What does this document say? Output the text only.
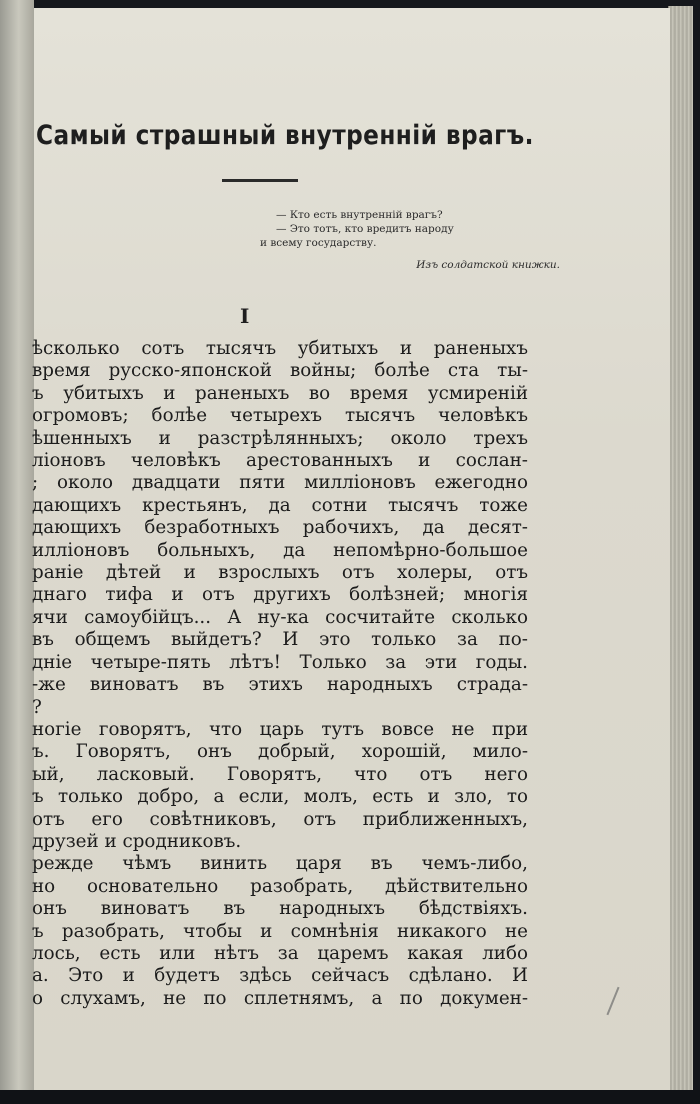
Самый страшный внутренній врагъ.
— Кто есть внутренній врагъ?
— Это тотъ, кто вредитъ народу
и всему государству.
Изъ солдатской книжки.
I
ѣсколько сотъ тысячъ убитыхъ и раненыхъ
время русско-японской войны; болѣе ста ты-
ъ убитыхъ и раненыхъ во время усмиреній
огромовъ; болѣе четырехъ тысячъ человѣкъ
ѣшенныхъ и разстрѣлянныхъ; около трехъ
ліоновъ человѣкъ арестованныхъ и сослан-
; около двадцати пяти милліоновъ ежегодно
дающихъ крестьянъ, да сотни тысячъ тоже
дающихъ безработныхъ рабочихъ, да десят-
илліоновъ больныхъ, да непомѣрно-большое
раніе дѣтей и взрослыхъ отъ холеры, отъ
днаго тифа и отъ другихъ болѣзней; многія
ячи самоубійцъ... А ну-ка сосчитайте сколько
въ общемъ выйдетъ? И это только за по-
дніе четыре-пять лѣтъ! Только за эти годы.
-же виноватъ въ этихъ народныхъ страда-
?
ногіе говорятъ, что царь тутъ вовсе не при
ъ. Говорятъ, онъ добрый, хорошій, мило-
ый, ласковый. Говорятъ, что отъ него
ъ только добро, а если, молъ, есть и зло, то
отъ его совѣтниковъ, отъ приближенныхъ,
друзей и сродниковъ.
режде чѣмъ винить царя въ чемъ-либо,
но основательно разобрать, дѣйствительно
онъ виноватъ въ народныхъ бѣдствіяхъ.
ъ разобрать, чтобы и сомнѣнія никакого не
лось, есть или нѣтъ за царемъ какая либо
а. Это и будетъ здѣсь сейчасъ сдѣлано. И
о слухамъ, не по сплетнямъ, а по докумен-
